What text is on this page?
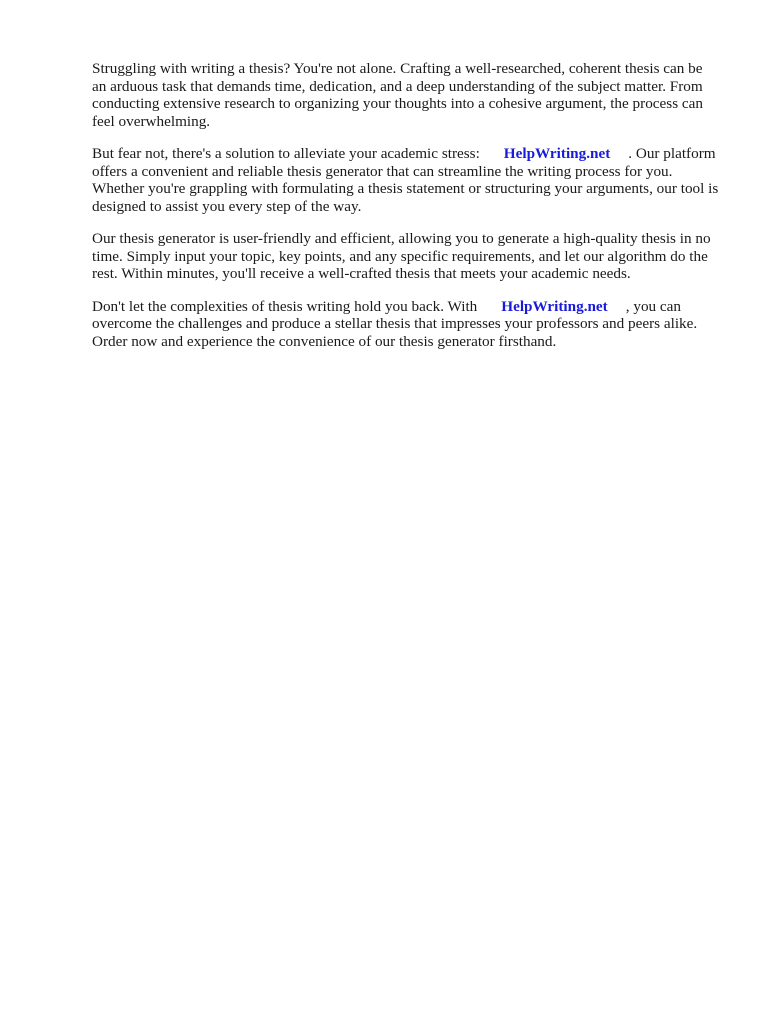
Struggling with writing a thesis? You're not alone. Crafting a well-researched, coherent thesis can be an arduous task that demands time, dedication, and a deep understanding of the subject matter. From conducting extensive research to organizing your thoughts into a cohesive argument, the process can feel overwhelming.

But fear not, there's a solution to alleviate your academic stress: HelpWriting.net . Our platform offers a convenient and reliable thesis generator that can streamline the writing process for you. Whether you're grappling with formulating a thesis statement or structuring your arguments, our tool is designed to assist you every step of the way.

Our thesis generator is user-friendly and efficient, allowing you to generate a high-quality thesis in no time. Simply input your topic, key points, and any specific requirements, and let our algorithm do the rest. Within minutes, you'll receive a well-crafted thesis that meets your academic needs.

Don't let the complexities of thesis writing hold you back. With HelpWriting.net , you can overcome the challenges and produce a stellar thesis that impresses your professors and peers alike. Order now and experience the convenience of our thesis generator firsthand.
